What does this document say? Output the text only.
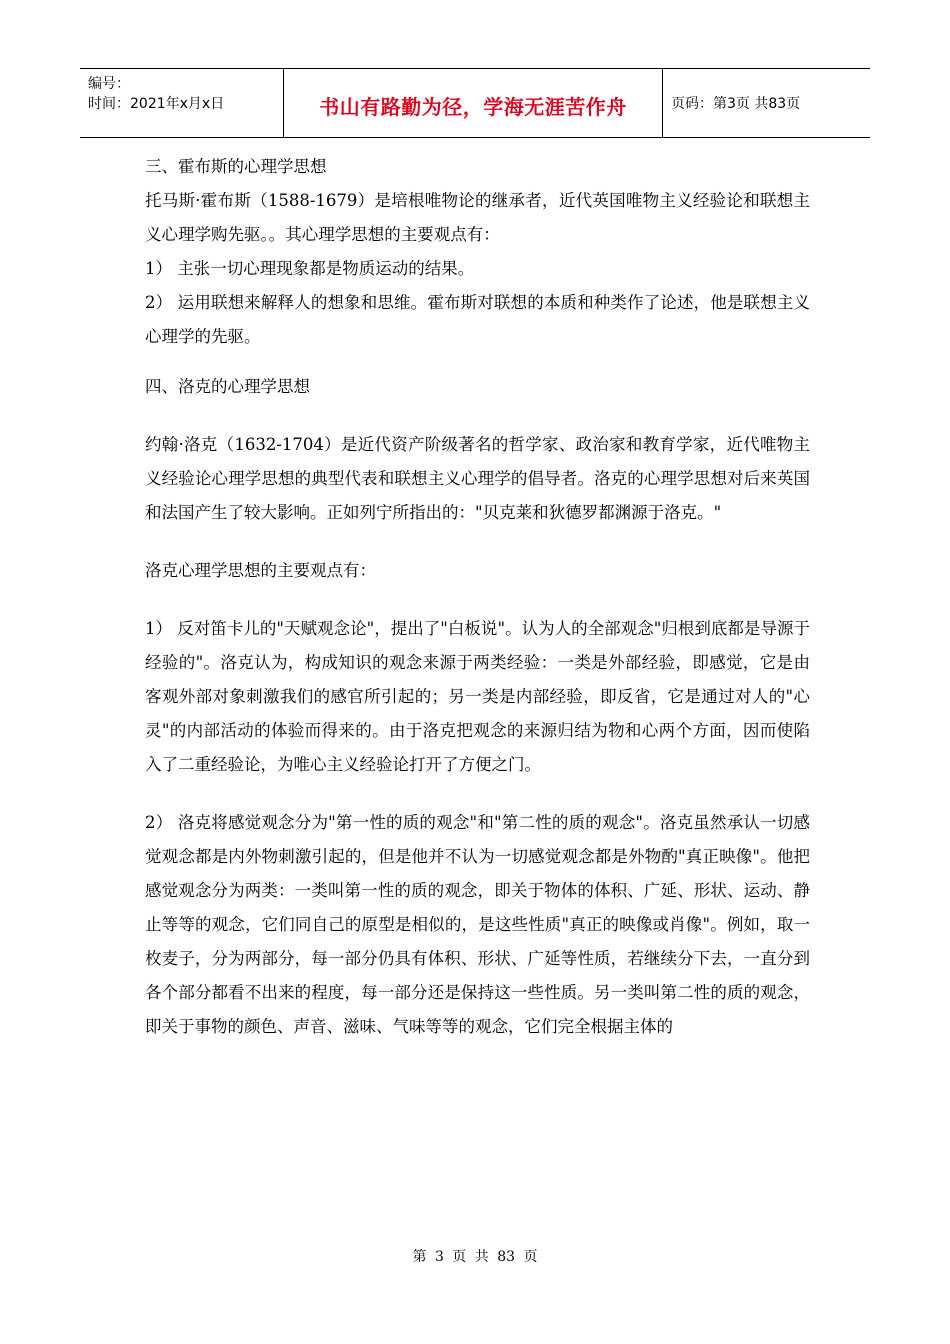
编号：
时间：2021年x月x日	书山有路勤为径，学海无涯苦作舟	页码：第3页 共83页

三、霍布斯的心理学思想

托马斯·霍布斯（1588-1679）是培根唯物论的继承者，近代英国唯物主义经验论和联想主义心理学购先驱。。其心理学思想的主要观点有：

1） 主张一切心理现象都是物质运动的结果。

2） 运用联想来解释人的想象和思维。霍布斯对联想的本质和种类作了论述，他是联想主义心理学的先驱。

四、洛克的心理学思想

约翰·洛克（1632-1704）是近代资产阶级著名的哲学家、政治家和教育学家，近代唯物主义经验论心理学思想的典型代表和联想主义心理学的倡导者。洛克的心理学思想对后来英国和法国产生了较大影响。正如列宁所指出的："贝克莱和狄德罗都渊源于洛克。"

洛克心理学思想的主要观点有：

1） 反对笛卡儿的"天赋观念论"，提出了"白板说"。认为人的全部观念"归根到底都是导源于经验的"。洛克认为，构成知识的观念来源于两类经验：一类是外部经验，即感觉，它是由客观外部对象刺激我们的感官所引起的；另一类是内部经验，即反省，它是通过对人的"心灵"的内部活动的体验而得来的。由于洛克把观念的来源归结为物和心两个方面，因而使陷入了二重经验论，为唯心主义经验论打开了方便之门。

2） 洛克将感觉观念分为"第一性的质的观念"和"第二性的质的观念"。洛克虽然承认一切感觉观念都是内外物刺激引起的，但是他并不认为一切感觉观念都是外物酌"真正映像"。他把感觉观念分为两类：一类叫第一性的质的观念，即关于物体的体积、广延、形状、运动、静止等等的观念，它们同自己的原型是相似的，是这些性质"真正的映像或肖像"。例如，取一枚麦子，分为两部分，每一部分仍具有体积、形状、广延等性质，若继续分下去，一直分到各个部分都看不出来的程度，每一部分还是保持这一些性质。另一类叫第二性的质的观念，即关于事物的颜色、声音、滋味、气味等等的观念，它们完全根据主体的

第 3 页 共 83 页
